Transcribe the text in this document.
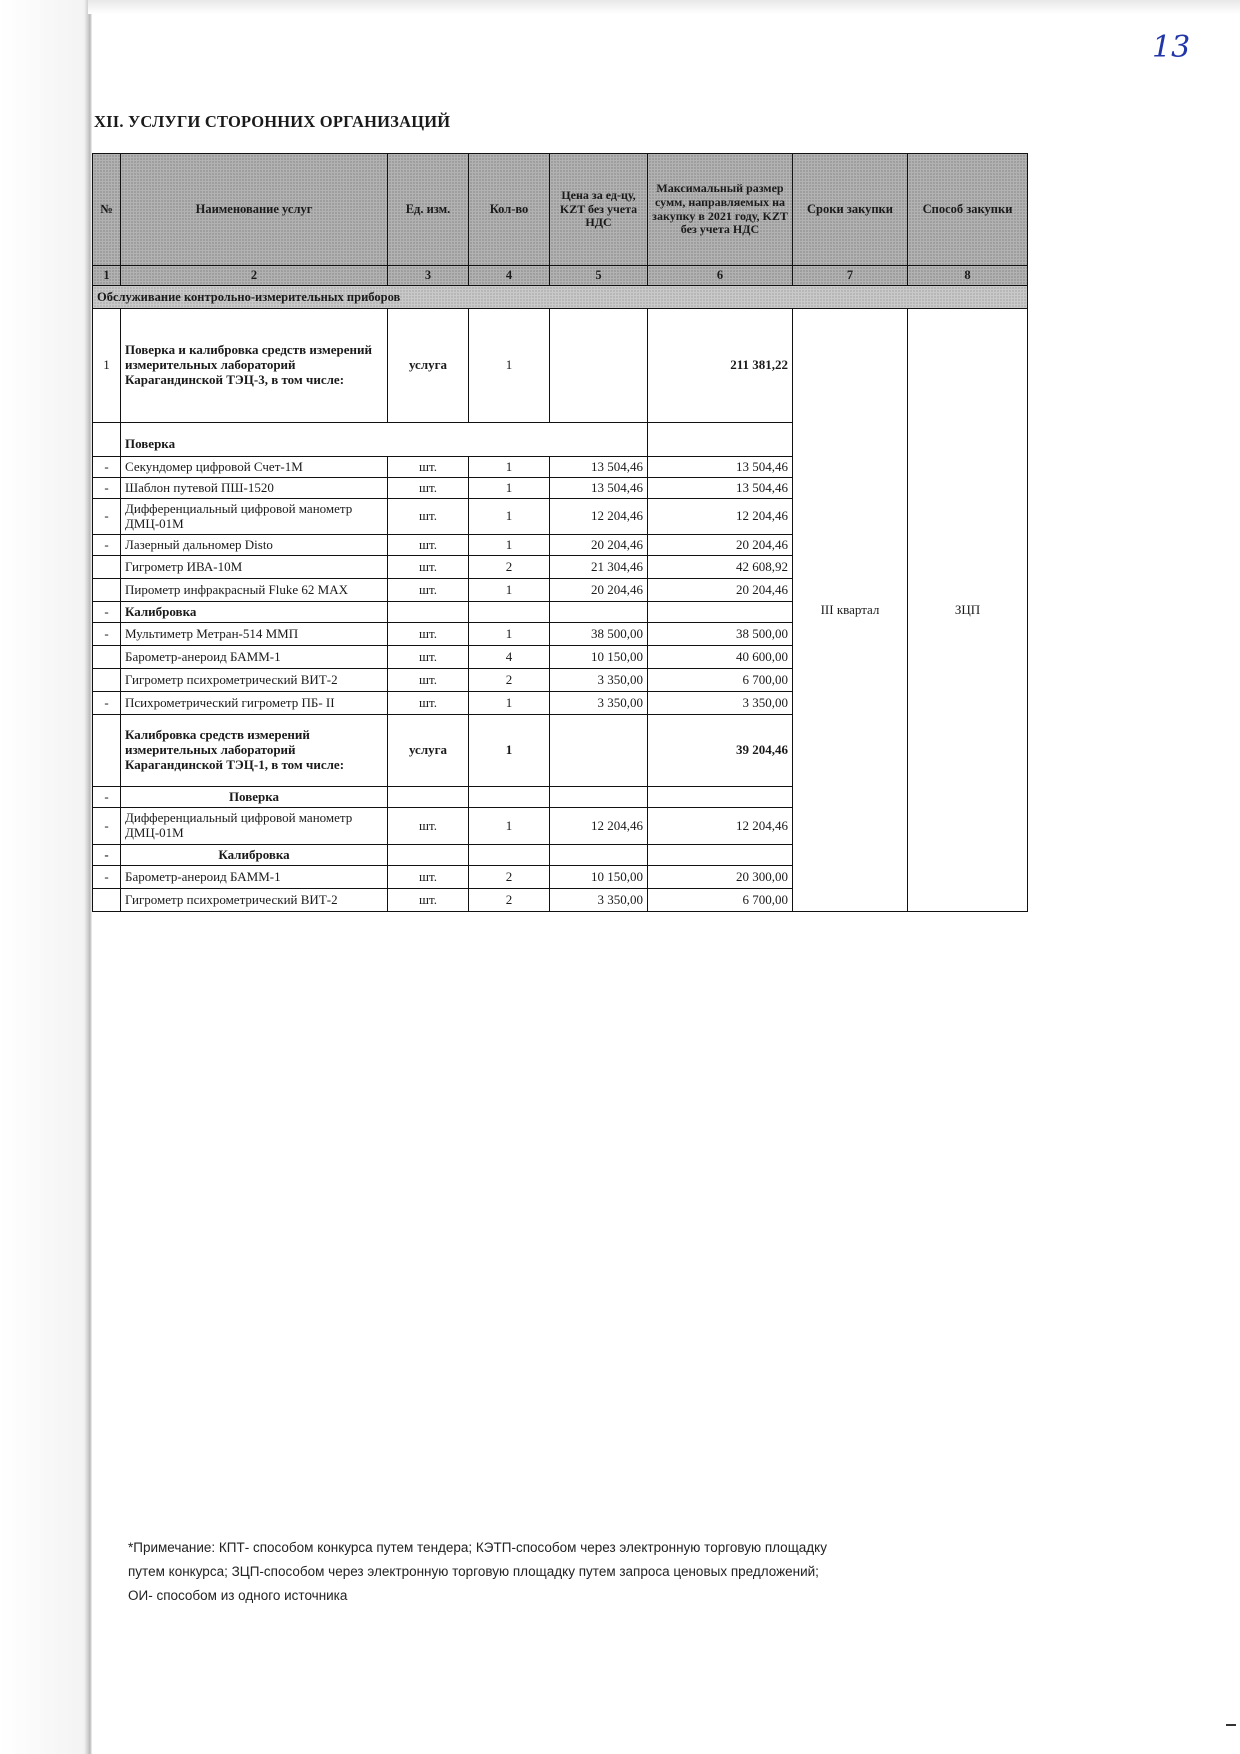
13
XII. УСЛУГИ СТОРОННИХ ОРГАНИЗАЦИЙ
№	Наименование услуг	Ед. изм.	Кол-во	Цена за ед-цу, KZT без учета НДС	Максимальный размер сумм, направляемых на закупку в 2021 году, KZT без учета НДС	Сроки закупки	Способ закупки
1	2	3	4	5	6	7	8
Обслуживание контрольно-измерительных приборов							
1	Поверка и калибровка средств измерений измерительных лабораторий Карагандинской ТЭЦ-3, в том числе:	услуга	1		211 381,22	III квартал	ЗЦП
	Поверка						
-	Секундомер цифровой Счет-1М	шт.	1	13 504,46	13 504,46		
-	Шаблон путевой ПШ-1520	шт.	1	13 504,46	13 504,46		
-	Дифференциальный цифровой манометр ДМЦ-01М	шт.	1	12 204,46	12 204,46		
-	Лазерный дальномер Disto	шт.	1	20 204,46	20 204,46		
	Гигрометр ИВА-10М	шт.	2	21 304,46	42 608,92		
	Пирометр инфракрасный Fluke 62 MAX	шт.	1	20 204,46	20 204,46		
-	Калибровка						
-	Мультиметр Метран-514 ММП	шт.	1	38 500,00	38 500,00		
	Барометр-анероид БАММ-1	шт.	4	10 150,00	40 600,00		
	Гигрометр психрометрический ВИТ-2	шт.	2	3 350,00	6 700,00		
-	Психрометрический гигрометр ПБ- II	шт.	1	3 350,00	3 350,00		
	Калибровка средств измерений измерительных лабораторий Карагандинской ТЭЦ-1, в том числе:	услуга	1		39 204,46		
-	Поверка						
-	Дифференциальный цифровой манометр ДМЦ-01М	шт.	1	12 204,46	12 204,46		
-	Калибровка						
-	Барометр-анероид БАММ-1	шт.	2	10 150,00	20 300,00		
	Гигрометр психрометрический ВИТ-2	шт.	2	3 350,00	6 700,00		

*Примечание: КПТ- способом конкурса путем тендера; КЭТП-способом через электронную торговую площадку

путем конкурса; ЗЦП-способом через электронную торговую площадку путем запроса ценовых предложений;

ОИ- способом из одного источника
